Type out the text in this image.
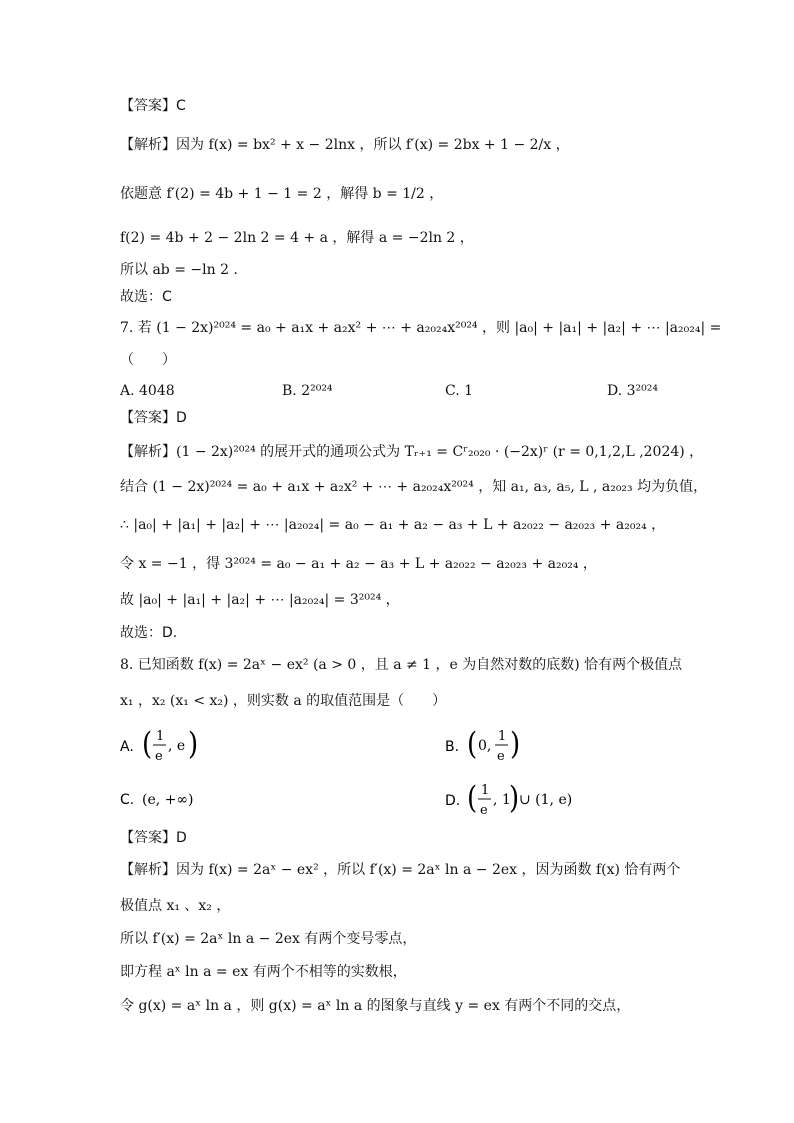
【答案】C
【解析】因为 f(x) = bx² + x − 2lnx ，所以 f′(x) = 2bx + 1 − 2/x ，
依题意 f′(2) = 4b + 1 − 1 = 2 ，解得 b = 1/2 ，
f(2) = 4b + 2 − 2ln 2 = 4 + a ，解得 a = −2ln 2 ，
所以 ab = −ln 2 .
故选：C
7. 若 (1 − 2x)²⁰²⁴ = a₀ + a₁x + a₂x² + ⋯ + a₂₀₂₄x²⁰²⁴ ，则 |a₀| + |a₁| + |a₂| + ⋯ |a₂₀₂₄| =
（　　）
A. 4048	B. 2²⁰²⁴	C. 1	D. 3²⁰²⁴
【答案】D
【解析】(1 − 2x)²⁰²⁴ 的展开式的通项公式为 Tᵣ₊₁ = Cʳ₂₀₂₀ · (−2x)ʳ (r = 0,1,2,L ,2024) ，
结合 (1 − 2x)²⁰²⁴ = a₀ + a₁x + a₂x² + ⋯ + a₂₀₂₄x²⁰²⁴ ，知 a₁, a₃, a₅, L , a₂₀₂₃ 均为负值，
∴ |a₀| + |a₁| + |a₂| + ⋯ |a₂₀₂₄| = a₀ − a₁ + a₂ − a₃ + L + a₂₀₂₂ − a₂₀₂₃ + a₂₀₂₄ ，
令 x = −1 ，得 3²⁰²⁴ = a₀ − a₁ + a₂ − a₃ + L + a₂₀₂₂ − a₂₀₂₃ + a₂₀₂₄ ，
故 |a₀| + |a₁| + |a₂| + ⋯ |a₂₀₂₄| = 3²⁰²⁴ ，
故选：D.
8. 已知函数 f(x) = 2aˣ − ex² (a > 0 ，且 a ≠ 1 ，e 为自然对数的底数) 恰有两个极值点
x₁ ，x₂ (x₁ < x₂) ，则实数 a 的取值范围是（　　）
A. ( 1
e
, e )	B. ( 0,
1
e )
C. (e, +∞)	D. ( 1
e
, 1
) ∪ (1, e)
【答案】D
【解析】因为 f(x) = 2aˣ − ex² ，所以 f′(x) = 2aˣ ln a − 2ex ，因为函数 f(x) 恰有两个
极值点 x₁ 、x₂ ，
所以 f′(x) = 2aˣ ln a − 2ex 有两个变号零点，
即方程 aˣ ln a = ex 有两个不相等的实数根，
令 g(x) = aˣ ln a ，则 g(x) = aˣ ln a 的图象与直线 y = ex 有两个不同的交点，
